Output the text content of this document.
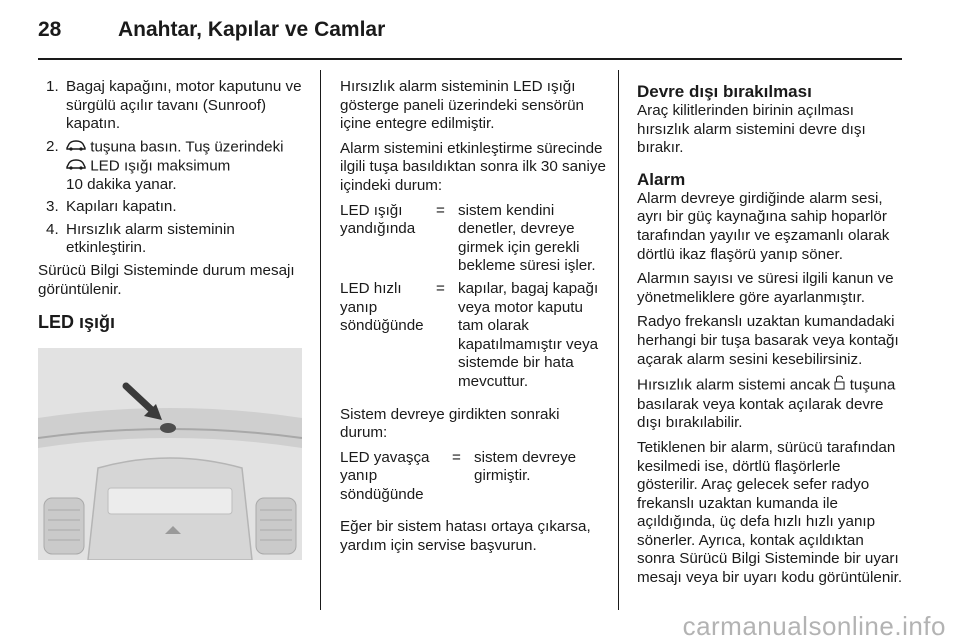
28	Anahtar, Kapılar ve Camlar
1. Bagaj kapağını, motor kaputunu ve sürgülü açılır tavanı (Sunroof) kapatın.
2. tuşuna basın. Tuş üzerindeki
LED ışığı maksimum
10 dakika yanar.
3. Kapıları kapatın.
4. Hırsızlık alarm sisteminin etkinleştirin.

Sürücü Bilgi Sisteminde durum mesajı görüntülenir.

LED ışığı

Hırsızlık alarm sisteminin LED ışığı gösterge paneli üzerindeki sensörün içine entegre edilmiştir.

Alarm sistemini etkinleştirme sürecinde ilgili tuşa basıldıktan sonra ilk 30 saniye içindeki durum:

LED ışığı yandığında
= sistem kendini denetler, devreye girmek için gerekli bekleme süresi işler.
LED hızlı yanıp söndüğünde
= kapılar, bagaj kapağı veya motor kaputu tam olarak kapatılmamıştır veya sistemde bir hata mevcuttur.

Sistem devreye girdikten sonraki durum:

LED yavaşça yanıp söndüğünde
= sistem devreye girmiştir.

Eğer bir sistem hatası ortaya çıkarsa, yardım için servise başvurun.

Devre dışı bırakılması

Araç kilitlerinden birinin açılması hırsızlık alarm sistemini devre dışı bırakır.

Alarm

Alarm devreye girdiğinde alarm sesi, ayrı bir güç kaynağına sahip hoparlör tarafından yayılır ve eşzamanlı olarak dörtlü ikaz flaşörü yanıp söner.

Alarmın sayısı ve süresi ilgili kanun ve yönetmeliklere göre ayarlanmıştır.

Radyo frekanslı uzaktan kumandadaki herhangi bir tuşa basarak veya kontağı açarak alarm sesini kesebilirsiniz.

Hırsızlık alarm sistemi ancak  tuşuna basılarak veya kontak açılarak devre dışı bırakılabilir.

Tetiklenen bir alarm, sürücü tarafından kesilmedi ise, dörtlü flaşörlerle gösterilir. Araç gelecek sefer radyo frekanslı uzaktan kumanda ile açıldığında, üç defa hızlı hızlı yanıp sönerler. Ayrıca, kontak açıldıktan sonra Sürücü Bilgi Sisteminde bir uyarı mesajı veya bir uyarı kodu görüntülenir.

carmanualsonline.info
